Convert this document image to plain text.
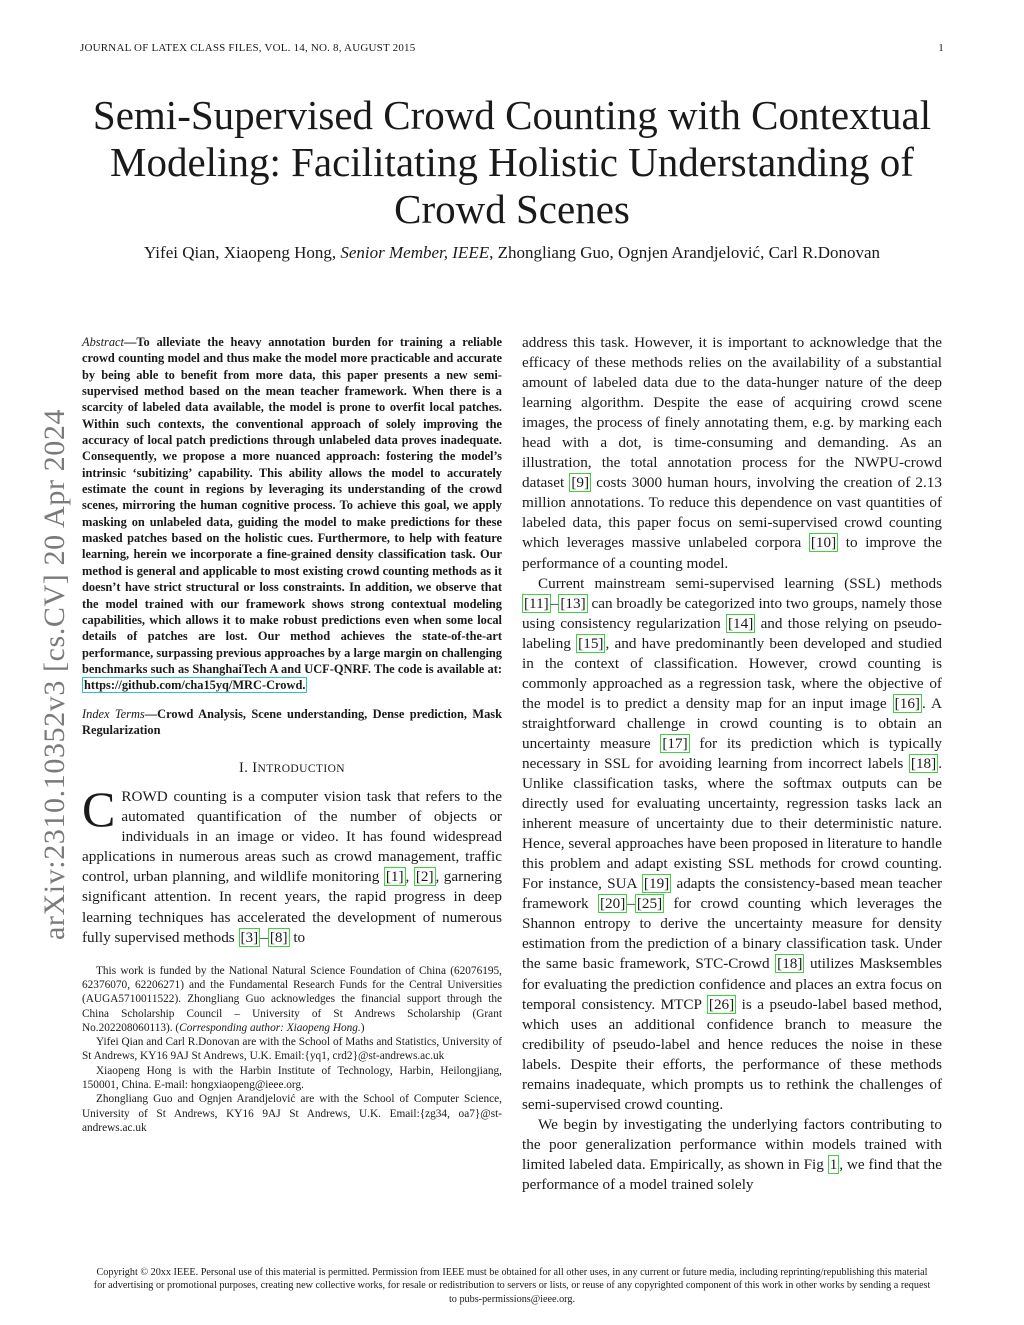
JOURNAL OF LATEX CLASS FILES, VOL. 14, NO. 8, AUGUST 2015	1
Semi-Supervised Crowd Counting with Contextual Modeling: Facilitating Holistic Understanding of Crowd Scenes
Yifei Qian, Xiaopeng Hong, Senior Member, IEEE, Zhongliang Guo, Ognjen Arandjelović, Carl R.Donovan
arXiv:2310.10352v3 [cs.CV] 20 Apr 2024

Abstract—To alleviate the heavy annotation burden for training a reliable crowd counting model and thus make the model more practicable and accurate by being able to benefit from more data, this paper presents a new semi-supervised method based on the mean teacher framework. When there is a scarcity of labeled data available, the model is prone to overfit local patches. Within such contexts, the conventional approach of solely improving the accuracy of local patch predictions through unlabeled data proves inadequate. Consequently, we propose a more nuanced approach: fostering the model’s intrinsic ‘subitizing’ capability. This ability allows the model to accurately estimate the count in regions by leveraging its understanding of the crowd scenes, mirroring the human cognitive process. To achieve this goal, we apply masking on unlabeled data, guiding the model to make predictions for these masked patches based on the holistic cues. Furthermore, to help with feature learning, herein we incorporate a fine-grained density classification task. Our method is general and applicable to most existing crowd counting methods as it doesn’t have strict structural or loss constraints. In addition, we observe that the model trained with our framework shows strong contextual modeling capabilities, which allows it to make robust predictions even when some local details of patches are lost. Our method achieves the state-of-the-art performance, surpassing previous approaches by a large margin on challenging benchmarks such as ShanghaiTech A and UCF-QNRF. The code is available at: https://github.com/cha15yq/MRC-Crowd.

Index Terms—Crowd Analysis, Scene understanding, Dense prediction, Mask Regularization

I. INTRODUCTION

CROWD counting is a computer vision task that refers to the automated quantification of the number of objects or individuals in an image or video. It has found widespread applications in numerous areas such as crowd management, traffic control, urban planning, and wildlife monitoring [1] , [2] , garnering significant attention. In recent years, the rapid progress in deep learning techniques has accelerated the development of numerous fully supervised methods [3] – [8] to

This work is funded by the National Natural Science Foundation of China (62076195, 62376070, 62206271) and the Fundamental Research Funds for the Central Universities (AUGA5710011522). Zhongliang Guo acknowledges the financial support through the China Scholarship Council – University of St Andrews Scholarship (Grant No.202208060113). (Corresponding author: Xiaopeng Hong.)

Yifei Qian and Carl R.Donovan are with the School of Maths and Statistics, University of St Andrews, KY16 9AJ St Andrews, U.K. Email:{yq1, crd2}@st-andrews.ac.uk

Xiaopeng Hong is with the Harbin Institute of Technology, Harbin, Heilongjiang, 150001, China. E-mail: hongxiaopeng@ieee.org.

Zhongliang Guo and Ognjen Arandjelović are with the School of Computer Science, University of St Andrews, KY16 9AJ St Andrews, U.K. Email:{zg34, oa7}@st-andrews.ac.uk

address this task. However, it is important to acknowledge that the efficacy of these methods relies on the availability of a substantial amount of labeled data due to the data-hunger nature of the deep learning algorithm. Despite the ease of acquiring crowd scene images, the process of finely annotating them, e.g. by marking each head with a dot, is time-consuming and demanding. As an illustration, the total annotation process for the NWPU-crowd dataset [9] costs 3000 human hours, involving the creation of 2.13 million annotations. To reduce this dependence on vast quantities of labeled data, this paper focus on semi-supervised crowd counting which leverages massive unlabeled corpora [10] to improve the performance of a counting model.

Current mainstream semi-supervised learning (SSL) methods [11] – [13] can broadly be categorized into two groups, namely those using consistency regularization [14] and those relying on pseudo-labeling [15] , and have predominantly been developed and studied in the context of classification. However, crowd counting is commonly approached as a regression task, where the objective of the model is to predict a density map for an input image [16] . A straightforward challenge in crowd counting is to obtain an uncertainty measure [17] for its prediction which is typically necessary in SSL for avoiding learning from incorrect labels [18] . Unlike classification tasks, where the softmax outputs can be directly used for evaluating uncertainty, regression tasks lack an inherent measure of uncertainty due to their deterministic nature. Hence, several approaches have been proposed in literature to handle this problem and adapt existing SSL methods for crowd counting. For instance, SUA [19] adapts the consistency-based mean teacher framework [20] – [25] for crowd counting which leverages the Shannon entropy to derive the uncertainty measure for density estimation from the prediction of a binary classification task. Under the same basic framework, STC-Crowd [18] utilizes Masksembles for evaluating the prediction confidence and places an extra focus on temporal consistency. MTCP [26] is a pseudo-label based method, which uses an additional confidence branch to measure the credibility of pseudo-label and hence reduces the noise in these labels. Despite their efforts, the performance of these methods remains inadequate, which prompts us to rethink the challenges of semi-supervised crowd counting.

We begin by investigating the underlying factors contributing to the poor generalization performance within models trained with limited labeled data. Empirically, as shown in Fig 1 , we find that the performance of a model trained solely

Copyright © 20xx IEEE. Personal use of this material is permitted. Permission from IEEE must be obtained for all other uses, in any current or future media, including reprinting/republishing this material for advertising or promotional purposes, creating new collective works, for resale or redistribution to servers or lists, or reuse of any copyrighted component of this work in other works by sending a request to pubs-permissions@ieee.org.
